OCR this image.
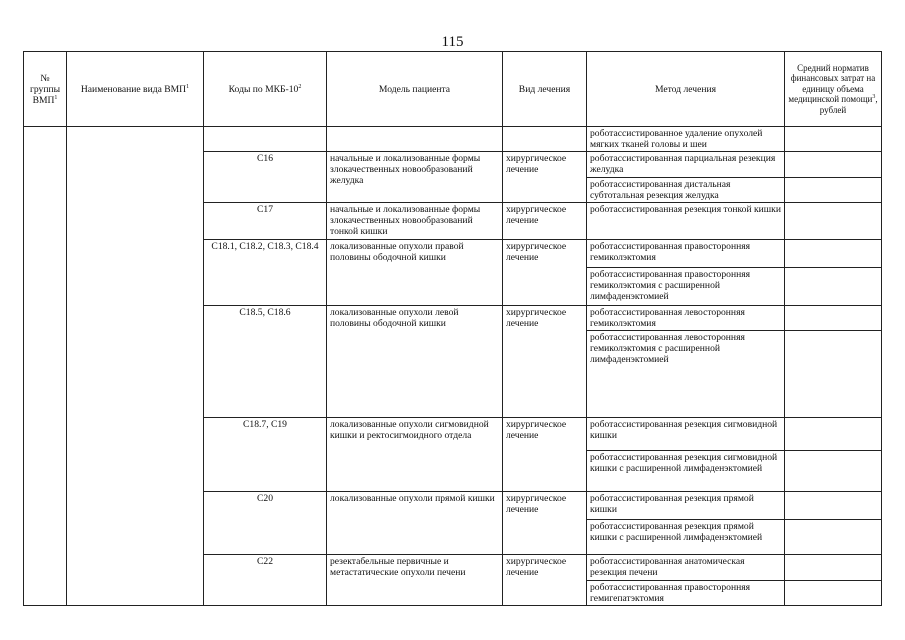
115
№ группы ВМП$^1$	Наименование вида ВМП$^1$	Коды по МКБ-$10^2$	Модель пациента	Вид лечения	Метод лечения	Средний норматив финансовых затрат на единицу объема медицинской помощи$^3$, рублей
					роботассистированное удаление опухолей мягких тканей головы и шеи	
		C16	начальные и локализованные формы злокачественных новообразований желудка	хирургическое лечение	роботассистированная парциальная резекция желудка	
					роботассистированная дистальная субтотальная резекция желудка	
		C17	начальные и локализованные формы злокачественных новообразований тонкой кишки	хирургическое лечение	роботассистированная резекция тонкой кишки	
		C18.1, C18.2, C18.3, C18.4	локализованные опухоли правой половины ободочной кишки	хирургическое лечение	роботассистированная правосторонняя гемиколэктомия	
					роботассистированная правосторонняя гемиколэктомия с расширенной лимфаденэктомией	
		C18.5, C18.6	локализованные опухоли левой половины ободочной кишки	хирургическое лечение	роботассистированная левосторонняя гемиколэктомия	
					роботассистированная левосторонняя гемиколэктомия с расширенной лимфаденэктомией	
		C18.7, C19	локализованные опухоли сигмовидной кишки и ректосигмоидного отдела	хирургическое лечение	роботассистированная резекция сигмовидной кишки	
					роботассистированная резекция сигмовидной кишки с расширенной лимфаденэктомией	
		C20	локализованные опухоли прямой кишки	хирургическое лечение	роботассистированная резекция прямой кишки	
					роботассистированная резекция прямой кишки с расширенной лимфаденэктомией	
		C22	резектабельные первичные и метастатические опухоли печени	хирургическое лечение	роботассистированная анатомическая резекция печени	
					роботассистированная правосторонняя гемигепатэктомия	
